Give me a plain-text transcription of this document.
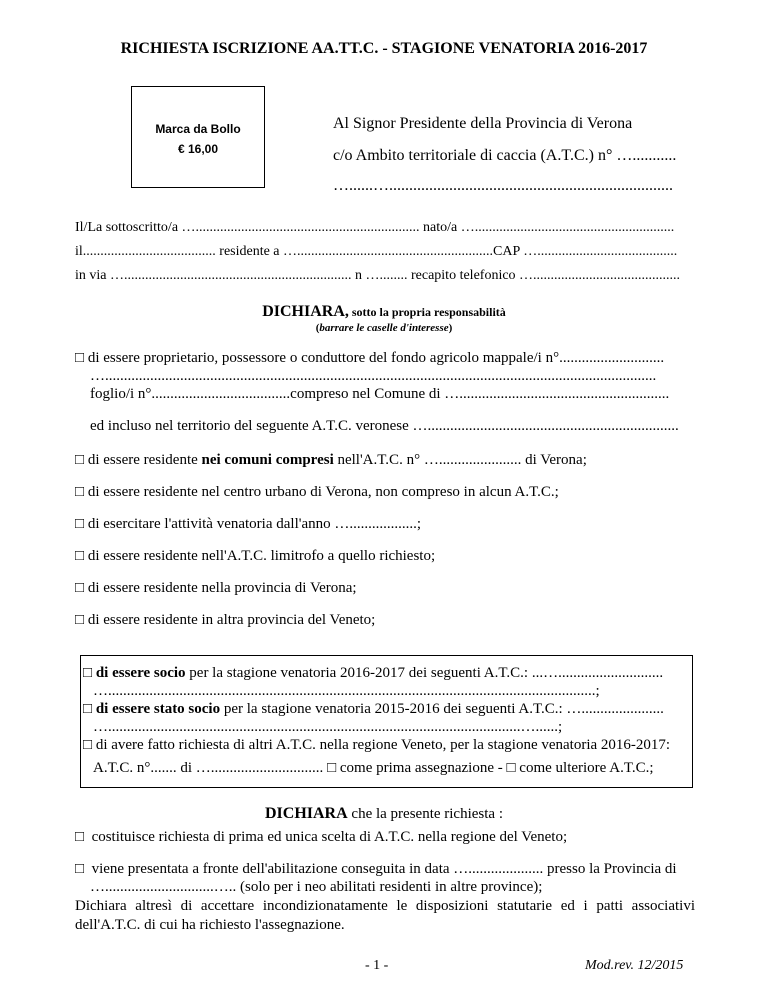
RICHIESTA ISCRIZIONE AA.TT.C. - STAGIONE VENATORIA 2016-2017
Marca da Bollo
€ 16,00
Al Signor Presidente della Provincia di Verona
c/o Ambito territoriale di caccia (A.T.C.) n° …...........
…......….......................................................................
Il/La sottoscritto/a …................................................................ nato/a ….........................................................
il...................................... residente a …........................................................CAP …........................................
in via …................................................................. n …........ recapito telefonico …..........................................
DICHIARA, sotto la propria responsabilità
(barrare le caselle d'interesse)
□ di essere proprietario, possessore o conduttore del fondo agricolo mappale/i n°............................
…...................................................................................................................................................
foglio/i n°.....................................compreso nel Comune di …........................................................
ed incluso nel territorio del seguente A.T.C. veronese …...................................................................
□ di essere residente nei comuni compresi nell'A.T.C. n° …...................... di Verona;
□ di essere residente nel centro urbano di Verona, non compreso in alcun A.T.C.;
□ di esercitare l'attività venatoria dall'anno …..................;
□ di essere residente nell'A.T.C. limitrofo a quello richiesto;
□ di essere residente nella provincia di Verona;
□ di essere residente in altra provincia del Veneto;
□ di essere socio per la stagione venatoria 2016-2017 dei seguenti A.T.C.: ...…............................
…..................................................................................................................................;
□ di essere stato socio per la stagione venatoria 2015-2016 dei seguenti A.T.C.: …......................
…..............................................................................................................…......;
□ di avere fatto richiesta di altri A.T.C. nella regione Veneto, per la stagione venatoria 2016-2017:
A.T.C. n°....... di ….............................. □ come prima assegnazione - □ come ulteriore A.T.C.;
DICHIARA che la presente richiesta :
□ costituisce richiesta di prima ed unica scelta di A.T.C. nella regione del Veneto;
□ viene presentata a fronte dell'abilitazione conseguita in data ….................... presso la Provincia di
….............................….. (solo per i neo abilitati residenti in altre province);
Dichiara altresì di accettare incondizionatamente le disposizioni statutarie ed i patti associativi dell'A.T.C. di cui ha richiesto l'assegnazione.
- 1 -	Mod.rev. 12/2015
